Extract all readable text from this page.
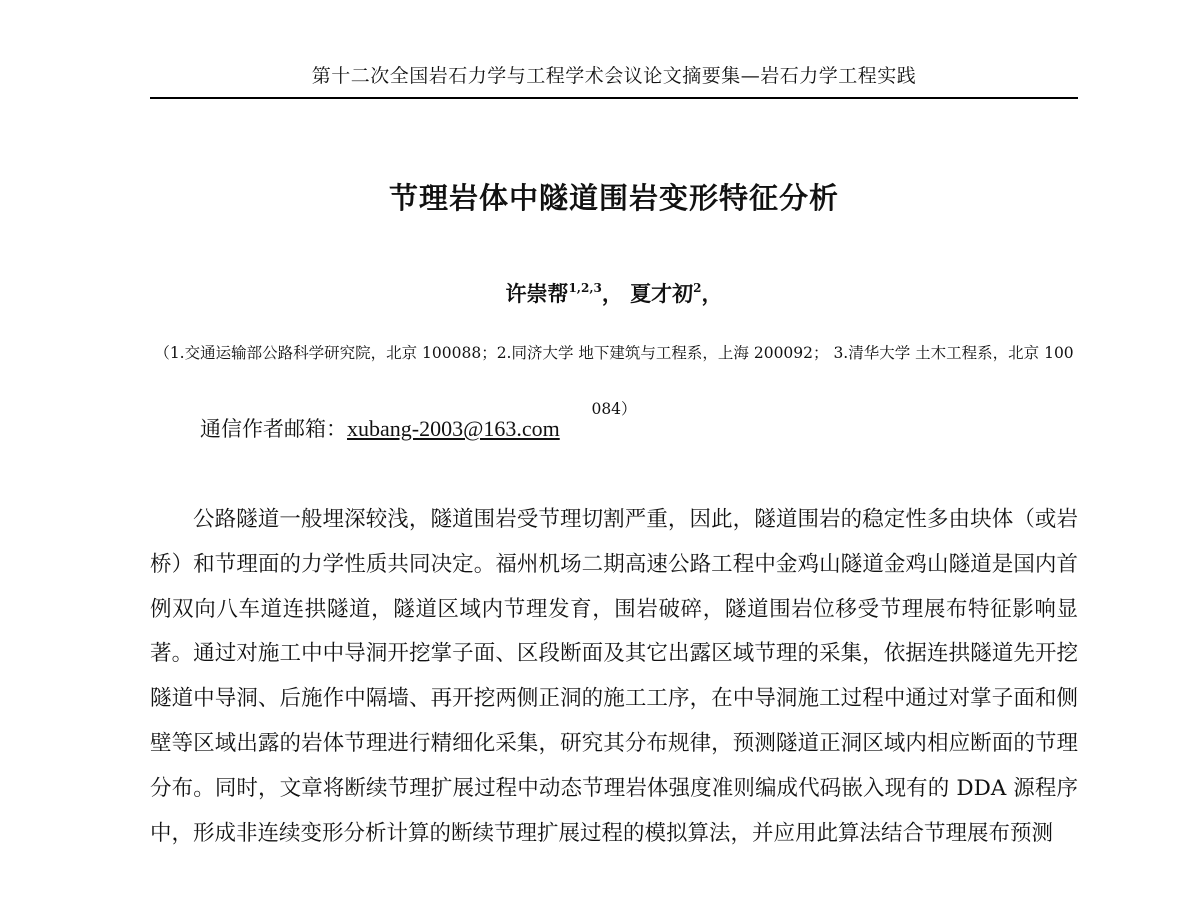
第十二次全国岩石力学与工程学术会议论文摘要集—岩石力学工程实践
节理岩体中隧道围岩变形特征分析
许崇帮$^{1,2,3}$， 夏才初$^2$，
（1.交通运输部公路科学研究院，北京 100088；2.同济大学 地下建筑与工程系，上海 200092； 3.清华大学 土木工程系，北京 100084）
通信作者邮箱：xubang-2003@163.com

公路隧道一般埋深较浅，隧道围岩受节理切割严重，因此，隧道围岩的稳定性多由块体（或岩桥）和节理面的力学性质共同决定。福州机场二期高速公路工程中金鸡山隧道金鸡山隧道是国内首例双向八车道连拱隧道，隧道区域内节理发育，围岩破碎，隧道围岩位移受节理展布特征影响显著。通过对施工中中导洞开挖掌子面、区段断面及其它出露区域节理的采集，依据连拱隧道先开挖隧道中导洞、后施作中隔墙、再开挖两侧正洞的施工工序，在中导洞施工过程中通过对掌子面和侧壁等区域出露的岩体节理进行精细化采集，研究其分布规律，预测隧道正洞区域内相应断面的节理分布。同时，文章将断续节理扩展过程中动态节理岩体强度准则编成代码嵌入现有的 DDA 源程序中，形成非连续变形分析计算的断续节理扩展过程的模拟算法，并应用此算法结合节理展布预测
